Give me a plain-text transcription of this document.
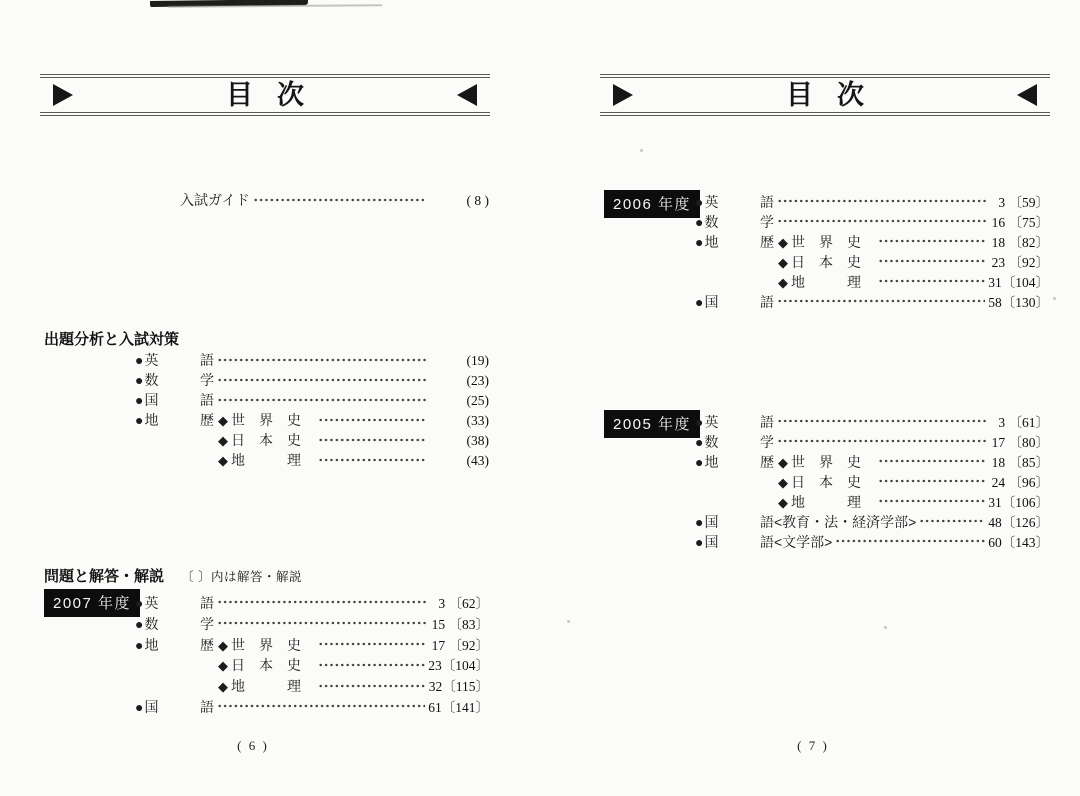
目次
入試ガイド	( 8 )
出題分析と入試対策
●英	語	(19)
●数	学	(23)
●国	語	(25)
●地	歴 ◆ 世	界	史	(33)
◆ 日	本	史	(38)
◆ 地	理	(43)
問題と解答・解説 〔 〕内は解答・解説
2007 年度 ●英	語	3 〔62〕
●数	学	15 〔83〕
●地	歴 ◆ 世	界	史	17 〔92〕
◆ 日	本	史	23〔104〕
◆ 地	理	32〔115〕
●国	語	61〔141〕
( 6 )
目次
2006 年度 ●英	語	3 〔59〕
●数	学	16 〔75〕
●地	歴 ◆ 世	界	史	18 〔82〕
◆ 日	本	史	23 〔92〕
◆ 地	理	31〔104〕
●国	語	58〔130〕
2005 年度 ●英	語	3 〔61〕
●数	学	17 〔80〕
●地	歴 ◆ 世	界	史	18 〔85〕
◆ 日	本	史	24 〔96〕
◆ 地	理	31〔106〕
●国	語<教育・法・経済学部>	48〔126〕
●国	語<文学部>	60〔143〕
( 7 )
